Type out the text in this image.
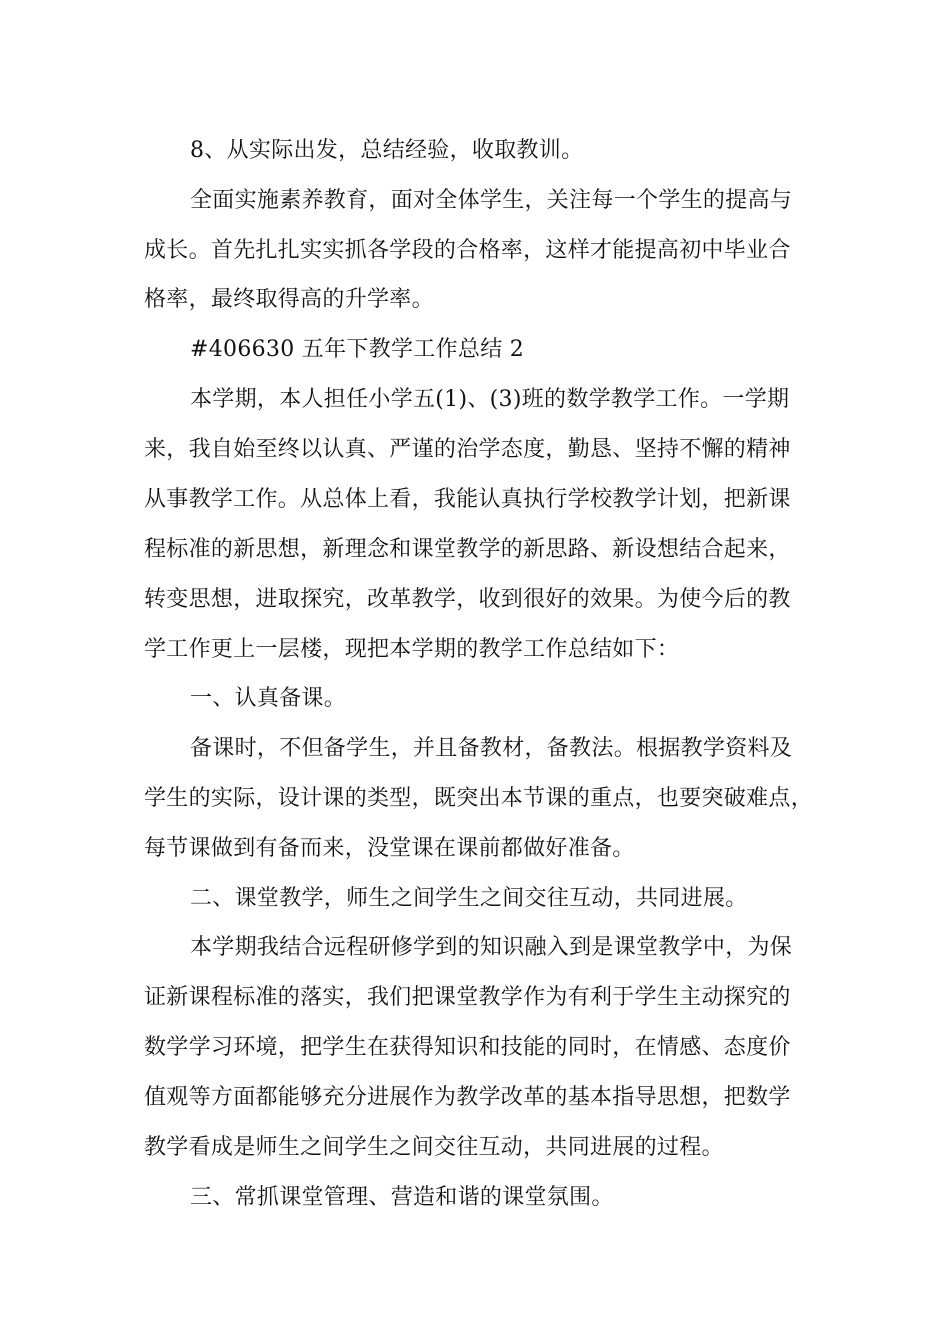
8、从实际出发，总结经验，收取教训。
全面实施素养教育，面对全体学生，关注每一个学生的提高与
成长。首先扎扎实实抓各学段的合格率，这样才能提高初中毕业合
格率，最终取得高的升学率。
#406630 五年下教学工作总结 2
本学期，本人担任小学五(1)、(3)班的数学教学工作。一学期
来，我自始至终以认真、严谨的治学态度，勤恳、坚持不懈的精神
从事教学工作。从总体上看，我能认真执行学校教学计划，把新课
程标准的新思想，新理念和课堂教学的新思路、新设想结合起来，
转变思想，进取探究，改革教学，收到很好的效果。为使今后的教
学工作更上一层楼，现把本学期的教学工作总结如下：
一、认真备课。
备课时，不但备学生，并且备教材，备教法。根据教学资料及
学生的实际，设计课的类型，既突出本节课的重点，也要突破难点，
每节课做到有备而来，没堂课在课前都做好准备。
二、课堂教学，师生之间学生之间交往互动，共同进展。
本学期我结合远程研修学到的知识融入到是课堂教学中，为保
证新课程标准的落实，我们把课堂教学作为有利于学生主动探究的
数学学习环境，把学生在获得知识和技能的同时，在情感、态度价
值观等方面都能够充分进展作为教学改革的基本指导思想，把数学
教学看成是师生之间学生之间交往互动，共同进展的过程。
三、常抓课堂管理、营造和谐的课堂氛围。
